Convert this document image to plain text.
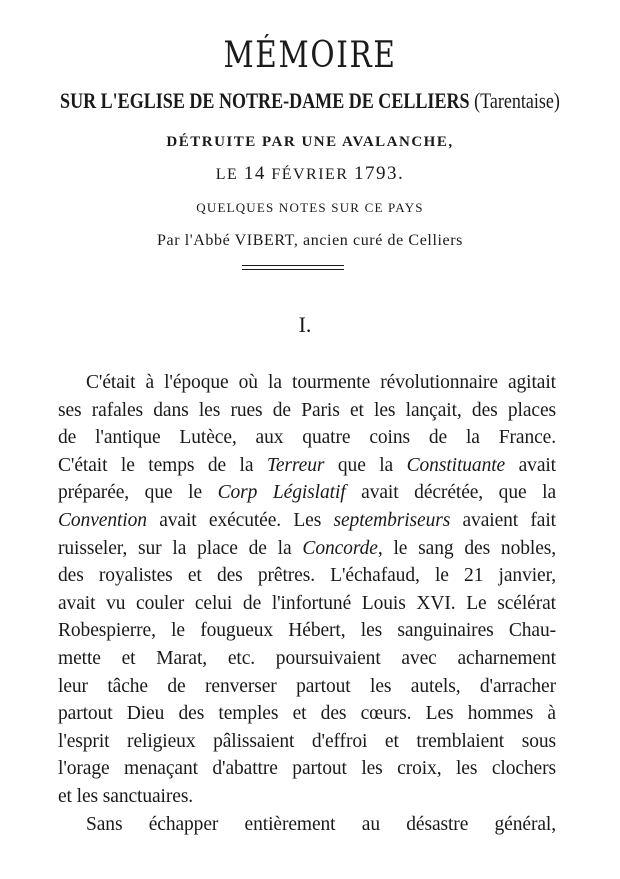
MÉMOIRE
SUR L'EGLISE DE NOTRE-DAME DE CELLIERS (Tarentaise)
DÉTRUITE PAR UNE AVALANCHE,
LE 14 FÉVRIER 1793.
QUELQUES NOTES SUR CE PAYS
Par l'Abbé VIBERT, ancien curé de Celliers
I.
C'était à l'époque où la tourmente révolutionnaire agitait
ses rafales dans les rues de Paris et les lançait, des places
de l'antique Lutèce, aux quatre coins de la France.
C'était le temps de la Terreur que la Constituante avait
préparée, que le Corp Législatif avait décrétée, que la
Convention avait exécutée. Les septembriseurs avaient fait
ruisseler, sur la place de la Concorde, le sang des nobles,
des royalistes et des prêtres. L'échafaud, le 21 janvier,
avait vu couler celui de l'infortuné Louis XVI. Le scélérat
Robespierre, le fougueux Hébert, les sanguinaires Chau-
mette et Marat, etc. poursuivaient avec acharnement
leur tâche de renverser partout les autels, d'arracher
partout Dieu des temples et des cœurs. Les hommes à
l'esprit religieux pâlissaient d'effroi et tremblaient sous
l'orage menaçant d'abattre partout les croix, les clochers
et les sanctuaires.
Sans échapper entièrement au désastre général,
